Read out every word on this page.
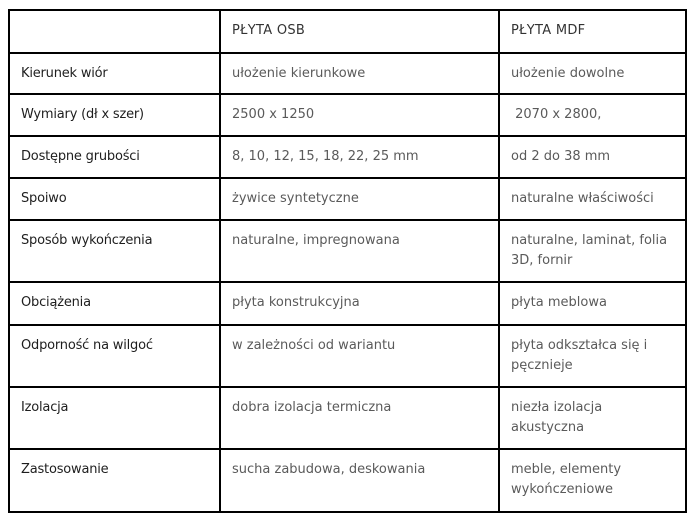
	PŁYTA OSB	PŁYTA MDF
Kierunek wiór	ułożenie kierunkowe	ułożenie dowolne
Wymiary (dł x szer)	2500 x 1250	2070 x 2800,
Dostępne grubości	8, 10, 12, 15, 18, 22, 25 mm	od 2 do 38 mm
Spoiwo	żywice syntetyczne	naturalne właściwości
Sposób wykończenia	naturalne, impregnowana	naturalne, laminat, folia 3D, fornir
Obciążenia	płyta konstrukcyjna	płyta meblowa
Odporność na wilgoć	w zależności od wariantu	płyta odkształca się i pęcznieje
Izolacja	dobra izolacja termiczna	niezła izolacja akustyczna
Zastosowanie	sucha zabudowa, deskowania	meble, elementy wykończeniowe
